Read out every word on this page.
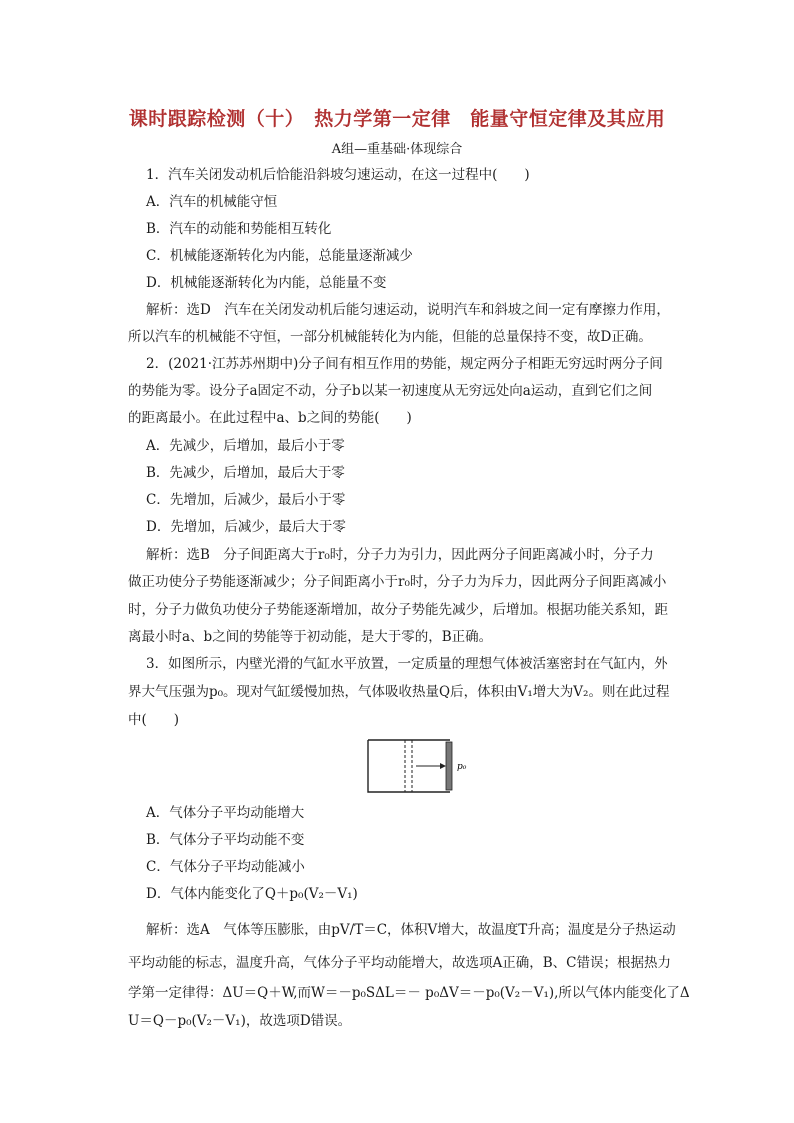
课时跟踪检测（十）　热力学第一定律　能量守恒定律及其应用
A组—重基础·体现综合
1．汽车关闭发动机后恰能沿斜坡匀速运动，在这一过程中(　　)
A．汽车的机械能守恒
B．汽车的动能和势能相互转化
C．机械能逐渐转化为内能，总能量逐渐减少
D．机械能逐渐转化为内能，总能量不变
解析：选D　汽车在关闭发动机后能匀速运动，说明汽车和斜坡之间一定有摩擦力作用，
所以汽车的机械能不守恒，一部分机械能转化为内能，但能的总量保持不变，故D正确。
2．(2021·江苏苏州期中)分子间有相互作用的势能，规定两分子相距无穷远时两分子间
的势能为零。设分子a固定不动，分子b以某一初速度从无穷远处向a运动，直到它们之间
的距离最小。在此过程中a、b之间的势能(　　)
A．先减少，后增加，最后小于零
B．先减少，后增加，最后大于零
C．先增加，后减少，最后小于零
D．先增加，后减少，最后大于零
解析：选B　分子间距离大于r₀时，分子力为引力，因此两分子间距离减小时，分子力
做正功使分子势能逐渐减少；分子间距离小于r₀时，分子力为斥力，因此两分子间距离减小
时，分子力做负功使分子势能逐渐增加，故分子势能先减少，后增加。根据功能关系知，距
离最小时a、b之间的势能等于初动能，是大于零的，B正确。
3．如图所示，内壁光滑的气缸水平放置，一定质量的理想气体被活塞密封在气缸内，外
界大气压强为p₀。现对气缸缓慢加热，气体吸收热量Q后，体积由V₁增大为V₂。则在此过程
中(　　)
p₀
A．气体分子平均动能增大
B．气体分子平均动能不变
C．气体分子平均动能减小
D．气体内能变化了Q＋p₀(V₂－V₁)
解析：选A　气体等压膨胀，由pV/T＝C，体积V增大，故温度T升高；温度是分子热运动
平均动能的标志，温度升高，气体分子平均动能增大，故选项A正确，B、C错误；根据热力
学第一定律得：ΔU＝Q＋W,而W＝－p₀SΔL＝－ p₀ΔV＝－p₀(V₂－V₁),所以气体内能变化了Δ
U＝Q－p₀(V₂－V₁)，故选项D错误。
